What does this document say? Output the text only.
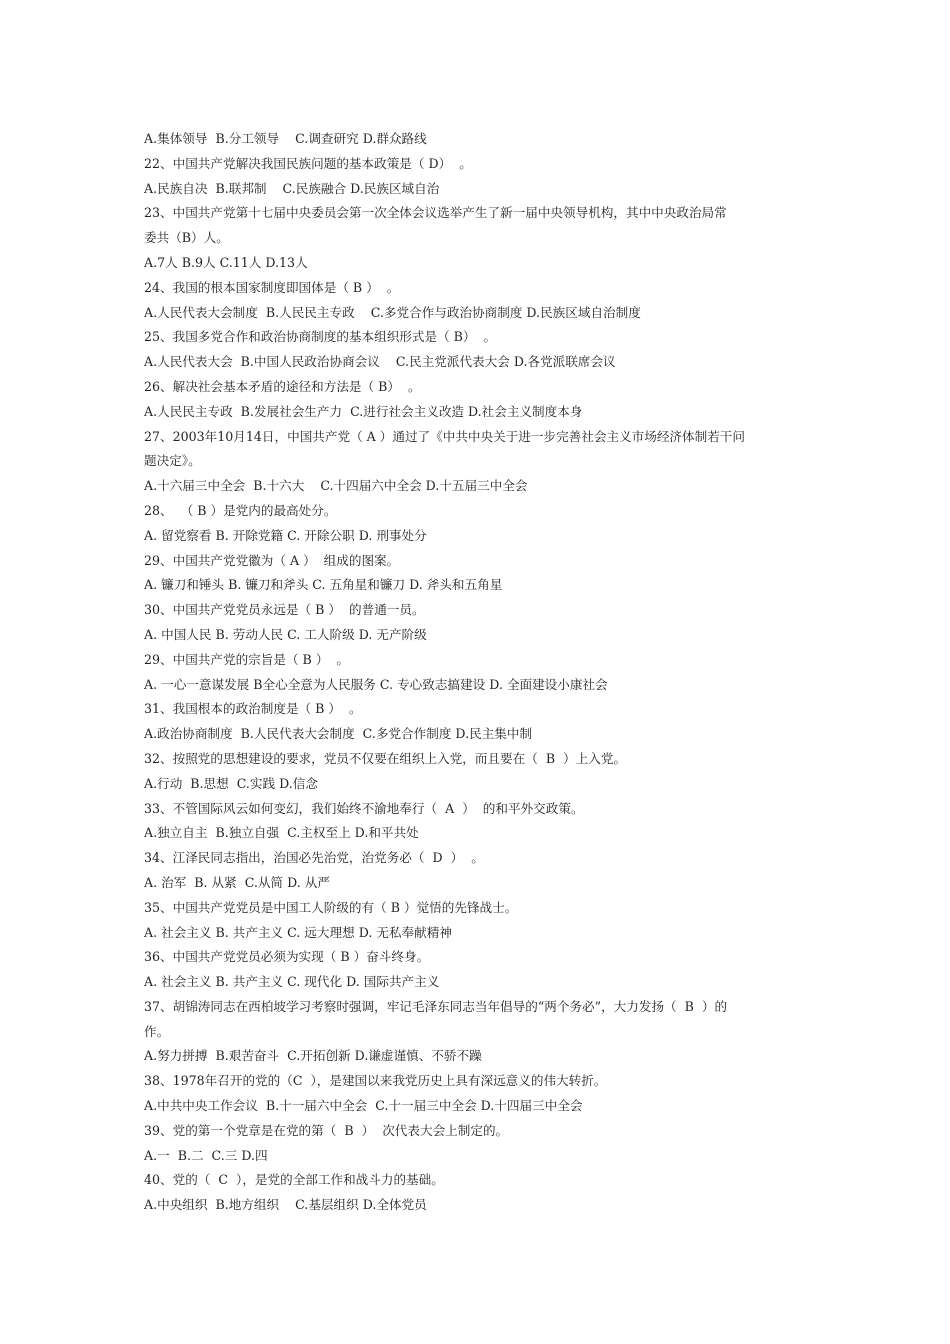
A.集体领导  B.分工领导    C.调查研究 D.群众路线

22、中国共产党解决我国民族问题的基本政策是（ D）  。

A.民族自决  B.联邦制    C.民族融合 D.民族区域自治

23、中国共产党第十七届中央委员会第一次全体会议选举产生了新一届中央领导机构，其中中央政治局常

委共（B）人。

A.7人 B.9人 C.11人 D.13人

24、我国的根本国家制度即国体是（ B ）  。

A.人民代表大会制度  B.人民民主专政    C.多党合作与政治协商制度 D.民族区域自治制度

25、我国多党合作和政治协商制度的基本组织形式是（ B）  。

A.人民代表大会  B.中国人民政治协商会议    C.民主党派代表大会 D.各党派联席会议

26、解决社会基本矛盾的途径和方法是（ B）  。

A.人民民主专政  B.发展社会生产力  C.进行社会主义改造 D.社会主义制度本身

27、2003年10月14日，中国共产党（ A ）通过了《中共中央关于进一步完善社会主义市场经济体制若干问

题决定》。

A.十六届三中全会  B.十六大    C.十四届六中全会 D.十五届三中全会

28、  （ B ）是党内的最高处分。

A. 留党察看 B. 开除党籍 C. 开除公职 D. 刑事处分

29、中国共产党党徽为（ A ）  组成的图案。

A. 镰刀和锤头 B. 镰刀和斧头 C. 五角星和镰刀 D. 斧头和五角星

30、中国共产党党员永远是（ B ）  的普通一员。

A. 中国人民 B. 劳动人民 C. 工人阶级 D. 无产阶级

29、中国共产党的宗旨是（ B ）  。

A. 一心一意谋发展 B全心全意为人民服务 C. 专心致志搞建设 D. 全面建设小康社会

31、我国根本的政治制度是（ B ）  。

A.政治协商制度  B.人民代表大会制度  C.多党合作制度 D.民主集中制

32、按照党的思想建设的要求，党员不仅要在组织上入党，而且要在（  B  ）上入党。

A.行动  B.思想  C.实践 D.信念

33、不管国际风云如何变幻，我们始终不渝地奉行（  A  ）  的和平外交政策。

A.独立自主  B.独立自强  C.主权至上 D.和平共处

34、江泽民同志指出，治国必先治党，治党务必（  D  ）  。

A. 治军  B. 从紧  C.从简 D. 从严

35、中国共产党党员是中国工人阶级的有（ B ）觉悟的先锋战士。

A. 社会主义 B. 共产主义 C. 远大理想 D. 无私奉献精神

36、中国共产党党员必须为实现（ B ）奋斗终身。

A. 社会主义 B. 共产主义 C. 现代化 D. 国际共产主义

37、胡锦涛同志在西柏坡学习考察时强调，牢记毛泽东同志当年倡导的“两个务必”，大力发扬（  B  ）的

作。

A.努力拼搏  B.艰苦奋斗  C.开拓创新 D.谦虚谨慎、不骄不躁

38、1978年召开的党的（C  ），是建国以来我党历史上具有深远意义的伟大转折。

A.中共中央工作会议  B.十一届六中全会  C.十一届三中全会 D.十四届三中全会

39、党的第一个党章是在党的第（  B  ）  次代表大会上制定的。

A.一  B.二  C.三 D.四

40、党的（  C  ），是党的全部工作和战斗力的基础。

A.中央组织  B.地方组织    C.基层组织 D.全体党员
